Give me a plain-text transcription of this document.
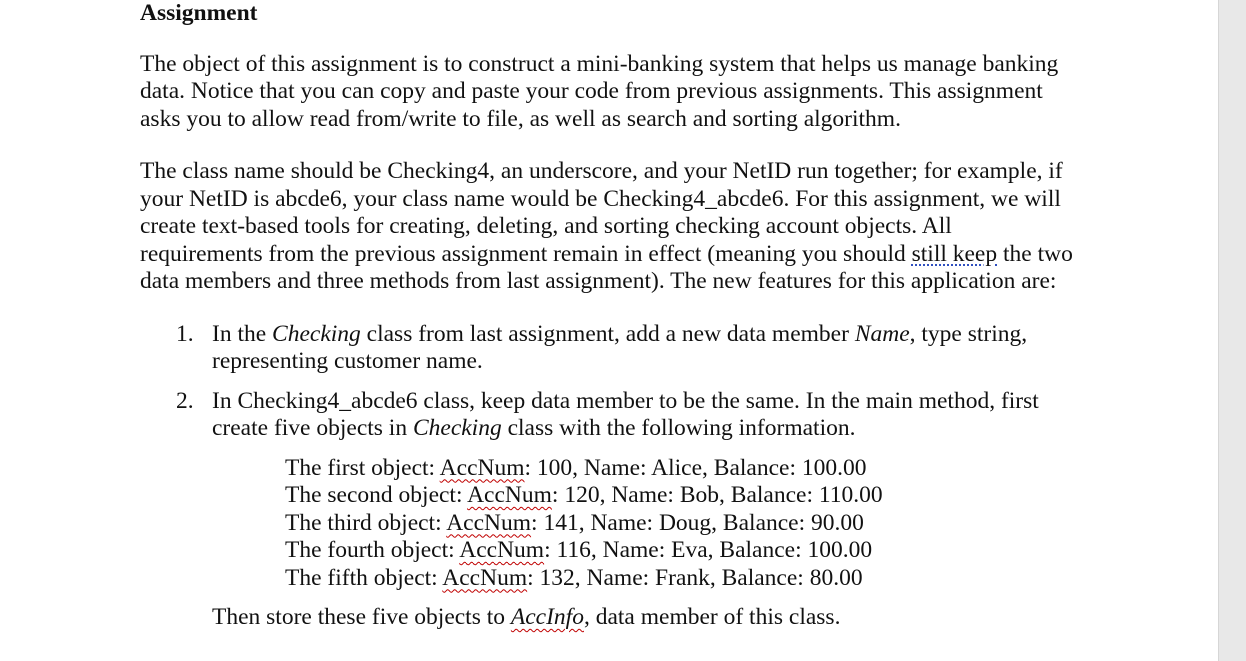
Assignment

The object of this assignment is to construct a mini-banking system that helps us manage banking data. Notice that you can copy and paste your code from previous assignments. This assignment asks you to allow read from/write to file, as well as search and sorting algorithm.

The class name should be Checking4, an underscore, and your NetID run together; for example, if your NetID is abcde6, your class name would be Checking4_abcde6. For this assignment, we will create text-based tools for creating, deleting, and sorting checking account objects. All requirements from the previous assignment remain in effect (meaning you should still keep the two data members and three methods from last assignment). The new features for this application are:

1. In the Checking class from last assignment, add a new data member Name, type string, representing customer name.
2. In Checking4_abcde6 class, keep data member to be the same. In the main method, first create five objects in Checking class with the following information.
The first object: AccNum: 100, Name: Alice, Balance: 100.00
The second object: AccNum: 120, Name: Bob, Balance: 110.00
The third object: AccNum: 141, Name: Doug, Balance: 90.00
The fourth object: AccNum: 116, Name: Eva, Balance: 100.00
The fifth object: AccNum: 132, Name: Frank, Balance: 80.00

Then store these five objects to AccInfo, data member of this class.
